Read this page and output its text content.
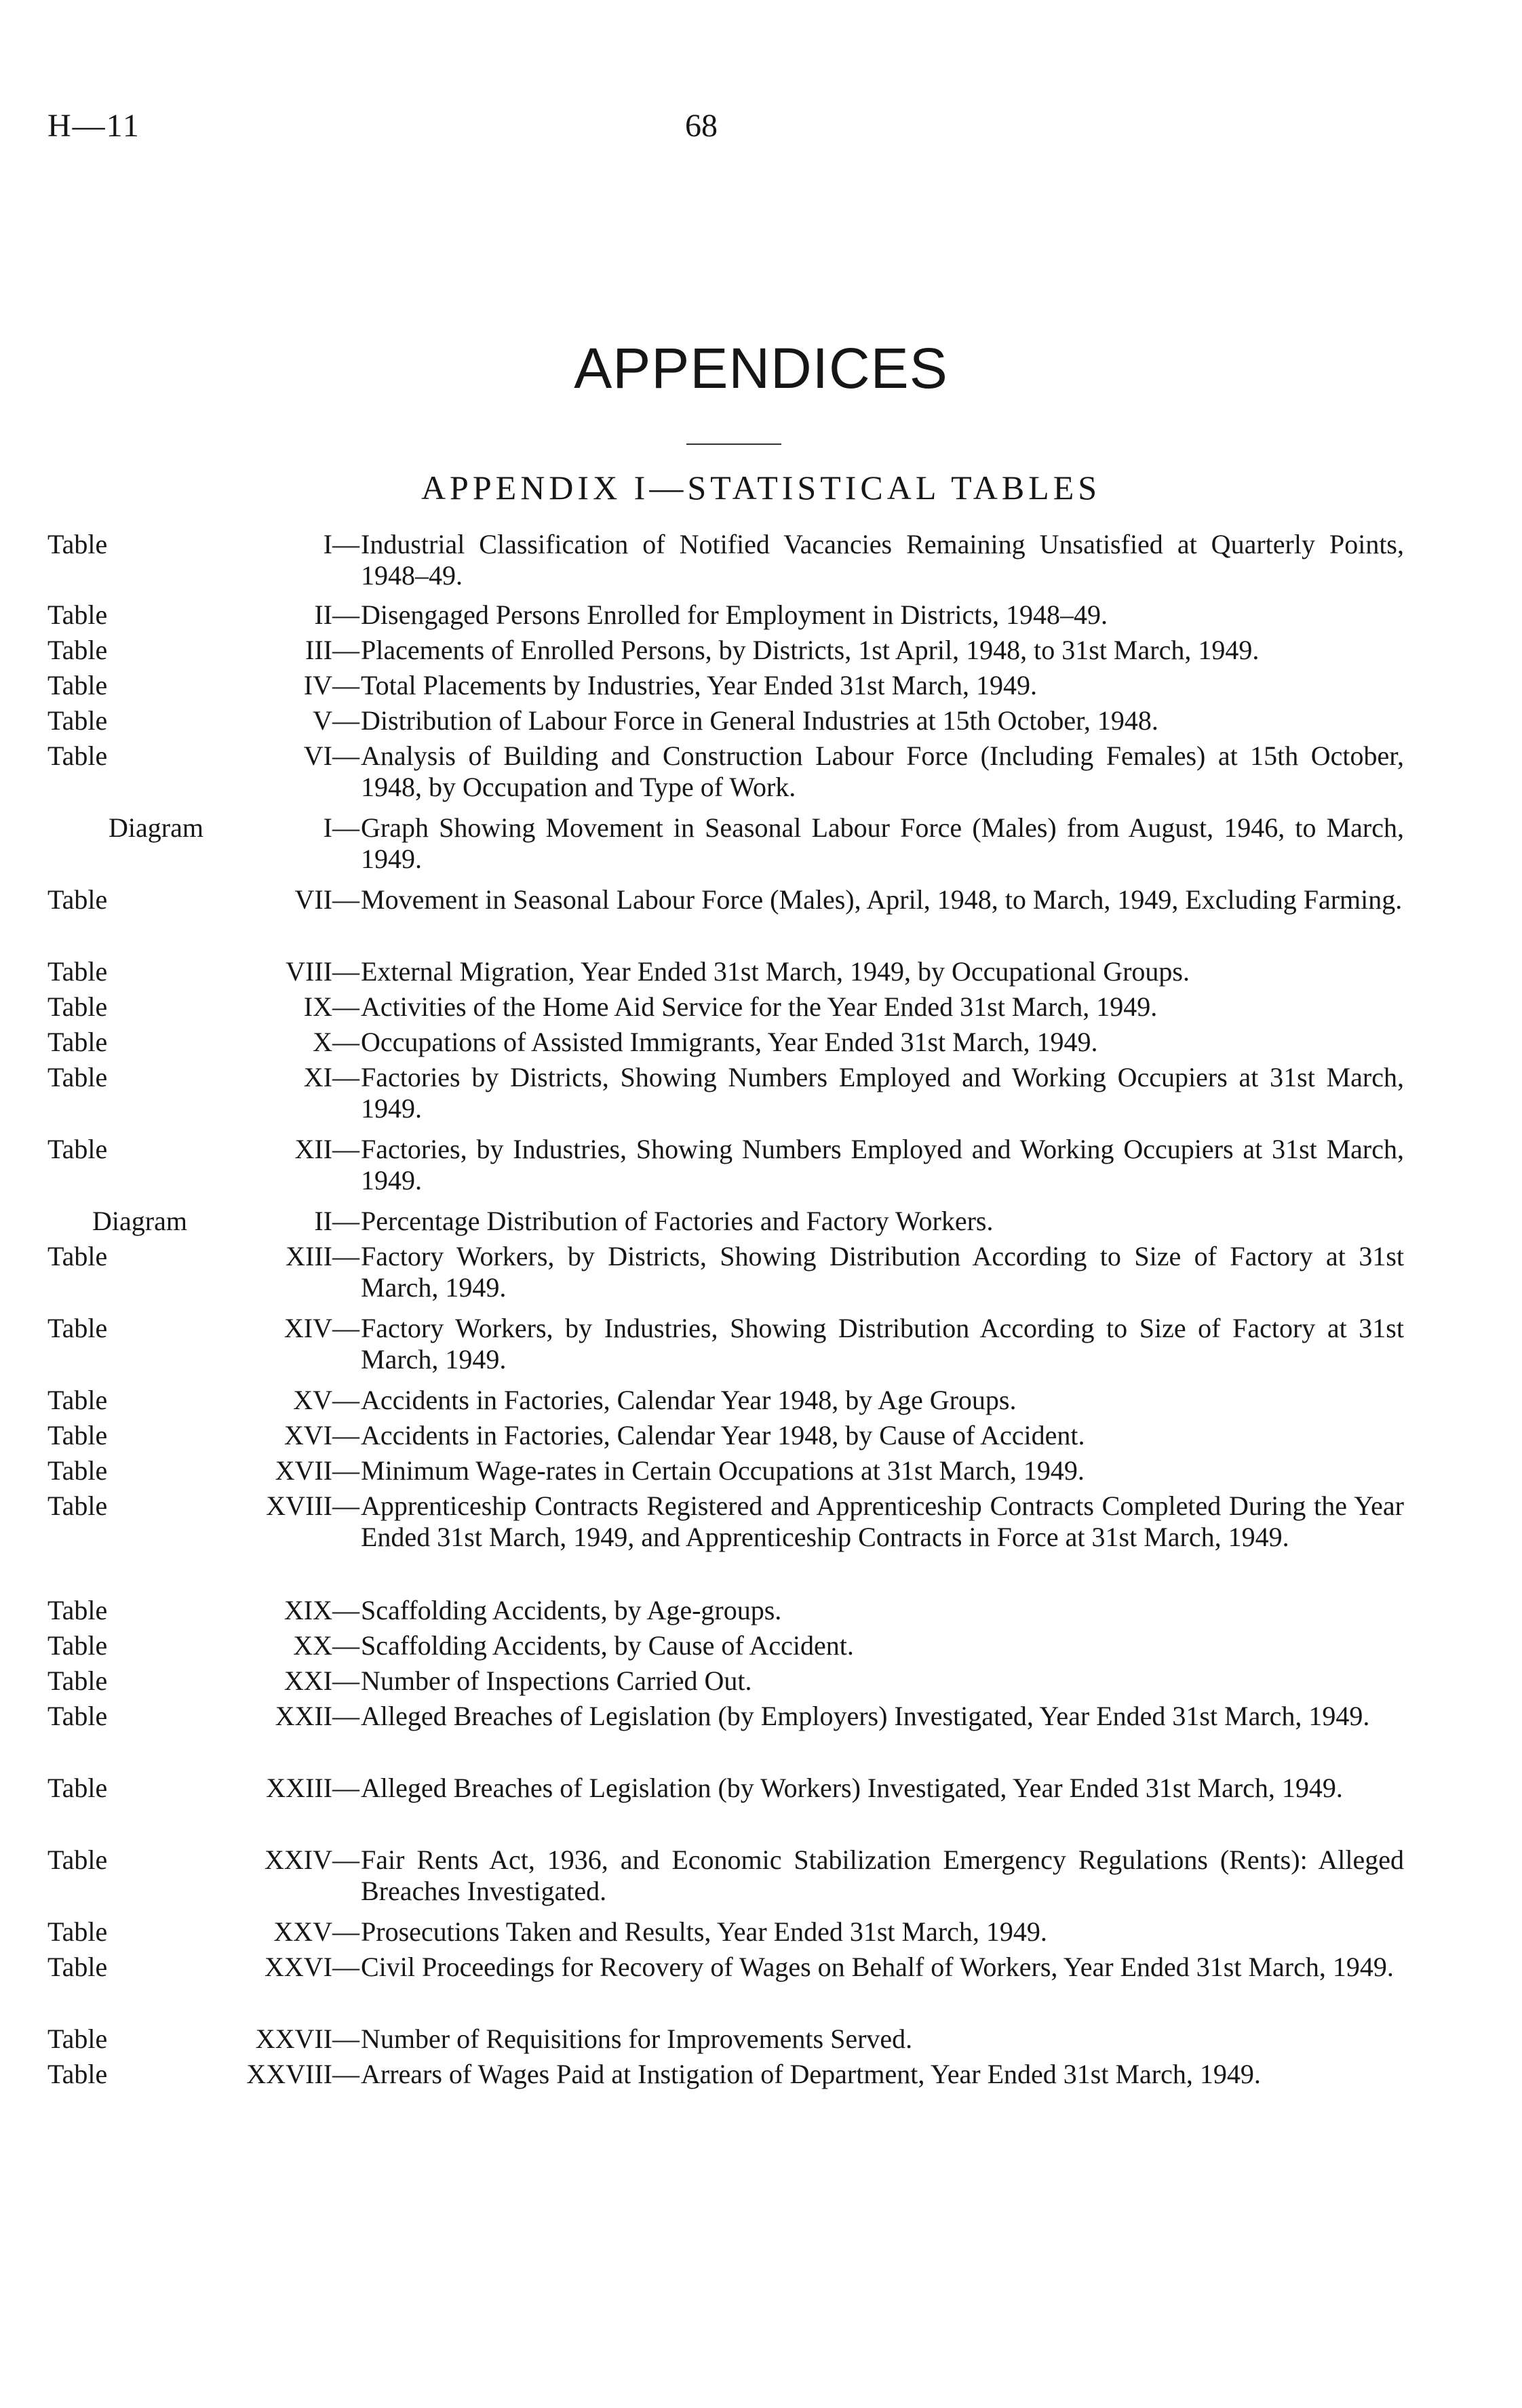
H—11	68
APPENDICES
APPENDIX I—STATISTICAL TABLES
Table	I — Industrial Classification of Notified Vacancies Remaining Unsatisfied at Quarterly Points, 1948–49.
Table	II — Disengaged Persons Enrolled for Employment in Districts, 1948–49.
Table	III — Placements of Enrolled Persons, by Districts, 1st April, 1948, to 31st March, 1949.
Table	IV — Total Placements by Industries, Year Ended 31st March, 1949.
Table	V — Distribution of Labour Force in General Industries at 15th October, 1948.
Table	VI — Analysis of Building and Construction Labour Force (Including Females) at 15th October, 1948, by Occupation and Type of Work.
Diagram	I — Graph Showing Movement in Seasonal Labour Force (Males) from August, 1946, to March, 1949.
Table	VII — Movement in Seasonal Labour Force (Males), April, 1948, to March, 1949, Excluding Farming.
Table	VIII — External Migration, Year Ended 31st March, 1949, by Occupational Groups.
Table	IX — Activities of the Home Aid Service for the Year Ended 31st March, 1949.
Table	X — Occupations of Assisted Immigrants, Year Ended 31st March, 1949.
Table	XI — Factories by Districts, Showing Numbers Employed and Working Occupiers at 31st March, 1949.
Table	XII — Factories, by Industries, Showing Numbers Employed and Working Occupiers at 31st March, 1949.
Diagram	II — Percentage Distribution of Factories and Factory Workers.
Table	XIII — Factory Workers, by Districts, Showing Distribution According to Size of Factory at 31st March, 1949.
Table	XIV — Factory Workers, by Industries, Showing Distribution According to Size of Factory at 31st March, 1949.
Table	XV — Accidents in Factories, Calendar Year 1948, by Age Groups.
Table	XVI — Accidents in Factories, Calendar Year 1948, by Cause of Accident.
Table	XVII — Minimum Wage-rates in Certain Occupations at 31st March, 1949.
Table	XVIII — Apprenticeship Contracts Registered and Apprenticeship Contracts Completed During the Year Ended 31st March, 1949, and Apprenticeship Contracts in Force at 31st March, 1949.
Table	XIX — Scaffolding Accidents, by Age-groups.
Table	XX — Scaffolding Accidents, by Cause of Accident.
Table	XXI — Number of Inspections Carried Out.
Table	XXII — Alleged Breaches of Legislation (by Employers) Investigated, Year Ended 31st March, 1949.
Table	XXIII — Alleged Breaches of Legislation (by Workers) Investigated, Year Ended 31st March, 1949.
Table	XXIV — Fair Rents Act, 1936, and Economic Stabilization Emergency Regulations (Rents): Alleged Breaches Investigated.
Table	XXV — Prosecutions Taken and Results, Year Ended 31st March, 1949.
Table	XXVI — Civil Proceedings for Recovery of Wages on Behalf of Workers, Year Ended 31st March, 1949.
Table	XXVII — Number of Requisitions for Improvements Served.
Table	XXVIII — Arrears of Wages Paid at Instigation of Department, Year Ended 31st March, 1949.
